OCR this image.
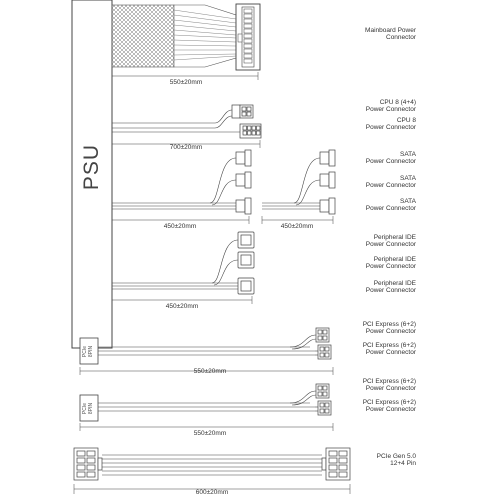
PSU
PCIe
8PIN
PCIe
8PIN
Mainboard Power
Connector
CPU 8 (4+4)
Power Connector
CPU 8
Power Connector
SATA
Power Connector
SATA
Power Connector
SATA
Power Connector
Peripheral IDE
Power Connector
Peripheral IDE
Power Connector
Peripheral IDE
Power Connector
PCI Express (6+2)
Power Connector
PCI Express (6+2)
Power Connector
PCI Express (6+2)
Power Connector
PCI Express (6+2)
Power Connector
PCIe Gen 5.0
12+4 Pin
550±20mm
700±20mm
450±20mm	450±20mm
450±20mm
550±20mm
550±20mm
600±20mm
